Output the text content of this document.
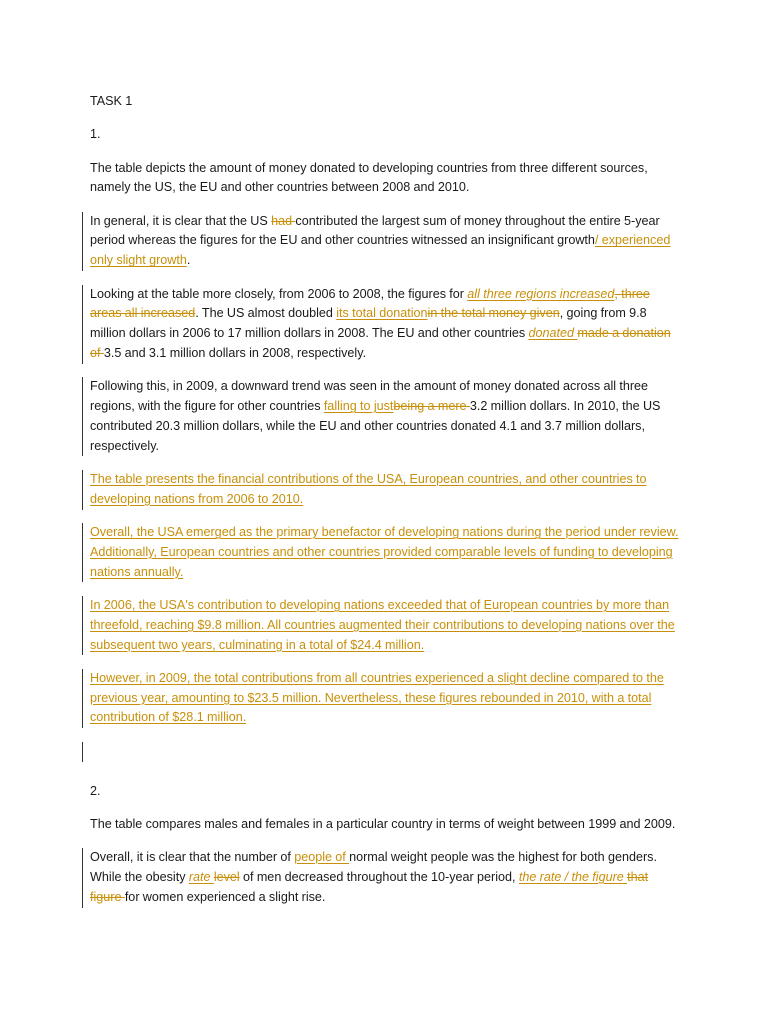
TASK 1

1.

The table depicts the amount of money donated to developing countries from three different sources, namely the US, the EU and other countries between 2008 and 2010.

In general, it is clear that the US had contributed the largest sum of money throughout the entire 5-year period whereas the figures for the EU and other countries witnessed an insignificant growth/ experienced only slight growth.

Looking at the table more closely, from 2006 to 2008, the figures for all three regions increased, three areas all increased. The US almost doubled its total donationin the total money given, going from 9.8 million dollars in 2006 to 17 million dollars in 2008. The EU and other countries donated made a donation of 3.5 and 3.1 million dollars in 2008, respectively.

Following this, in 2009, a downward trend was seen in the amount of money donated across all three regions, with the figure for other countries falling to justbeing a mere 3.2 million dollars. In 2010, the US contributed 20.3 million dollars, while the EU and other countries donated 4.1 and 3.7 million dollars, respectively.

The table presents the financial contributions of the USA, European countries, and other countries to developing nations from 2006 to 2010.

Overall, the USA emerged as the primary benefactor of developing nations during the period under review. Additionally, European countries and other countries provided comparable levels of funding to developing nations annually.

In 2006, the USA's contribution to developing nations exceeded that of European countries by more than threefold, reaching $9.8 million. All countries augmented their contributions to developing nations over the subsequent two years, culminating in a total of $24.4 million.

However, in 2009, the total contributions from all countries experienced a slight decline compared to the previous year, amounting to $23.5 million. Nevertheless, these figures rebounded in 2010, with a total contribution of $28.1 million.

2.

The table compares males and females in a particular country in terms of weight between 1999 and 2009.

Overall, it is clear that the number of people of normal weight people was the highest for both genders. While the obesity rate level of men decreased throughout the 10-year period, the rate / the figure that figure for women experienced a slight rise.
